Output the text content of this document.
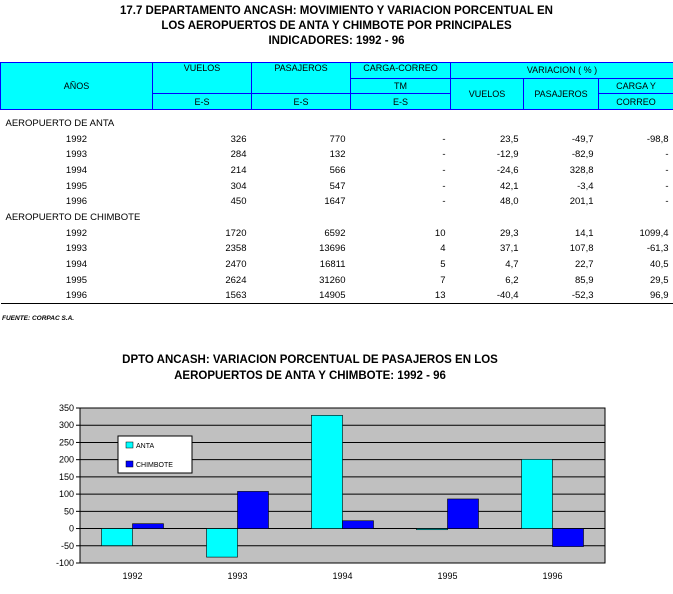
17.7 DEPARTAMENTO ANCASH: MOVIMIENTO Y VARIACION PORCENTUAL EN
LOS AEROPUERTOS DE ANTA Y CHIMBOTE POR PRINCIPALES
INDICADORES: 1992 - 96
AÑOS	VUELOS	PASAJEROS	CARGA-CORREO	VARIACION ( % )		
			TM	VUELOS	PASAJEROS	CARGA Y
	E-S	E-S	E-S			CORREO

AEROPUERTO DE ANTA						
1992	326	770	-	23,5	-49,7	-98,8
1993	284	132	-	-12,9	-82,9	-
1994	214	566	-	-24,6	328,8	-
1995	304	547	-	42,1	-3,4	-
1996	450	1647	-	48,0	201,1	-
AEROPUERTO DE CHIMBOTE						
1992	1720	6592	10	29,3	14,1	1099,4
1993	2358	13696	4	37,1	107,8	-61,3
1994	2470	16811	5	4,7	22,7	40,5
1995	2624	31260	7	6,2	85,9	29,5
1996	1563	14905	13	-40,4	-52,3	96,9
FUENTE: CORPAC S.A.
DPTO ANCASH: VARIACION PORCENTUAL DE PASAJEROS EN LOS
AEROPUERTOS DE ANTA Y CHIMBOTE: 1992 - 96
350
300
250
200
150
100
50
0
-50
-100
1992	1993	1994	1995	1996
ANTA
CHIMBOTE
